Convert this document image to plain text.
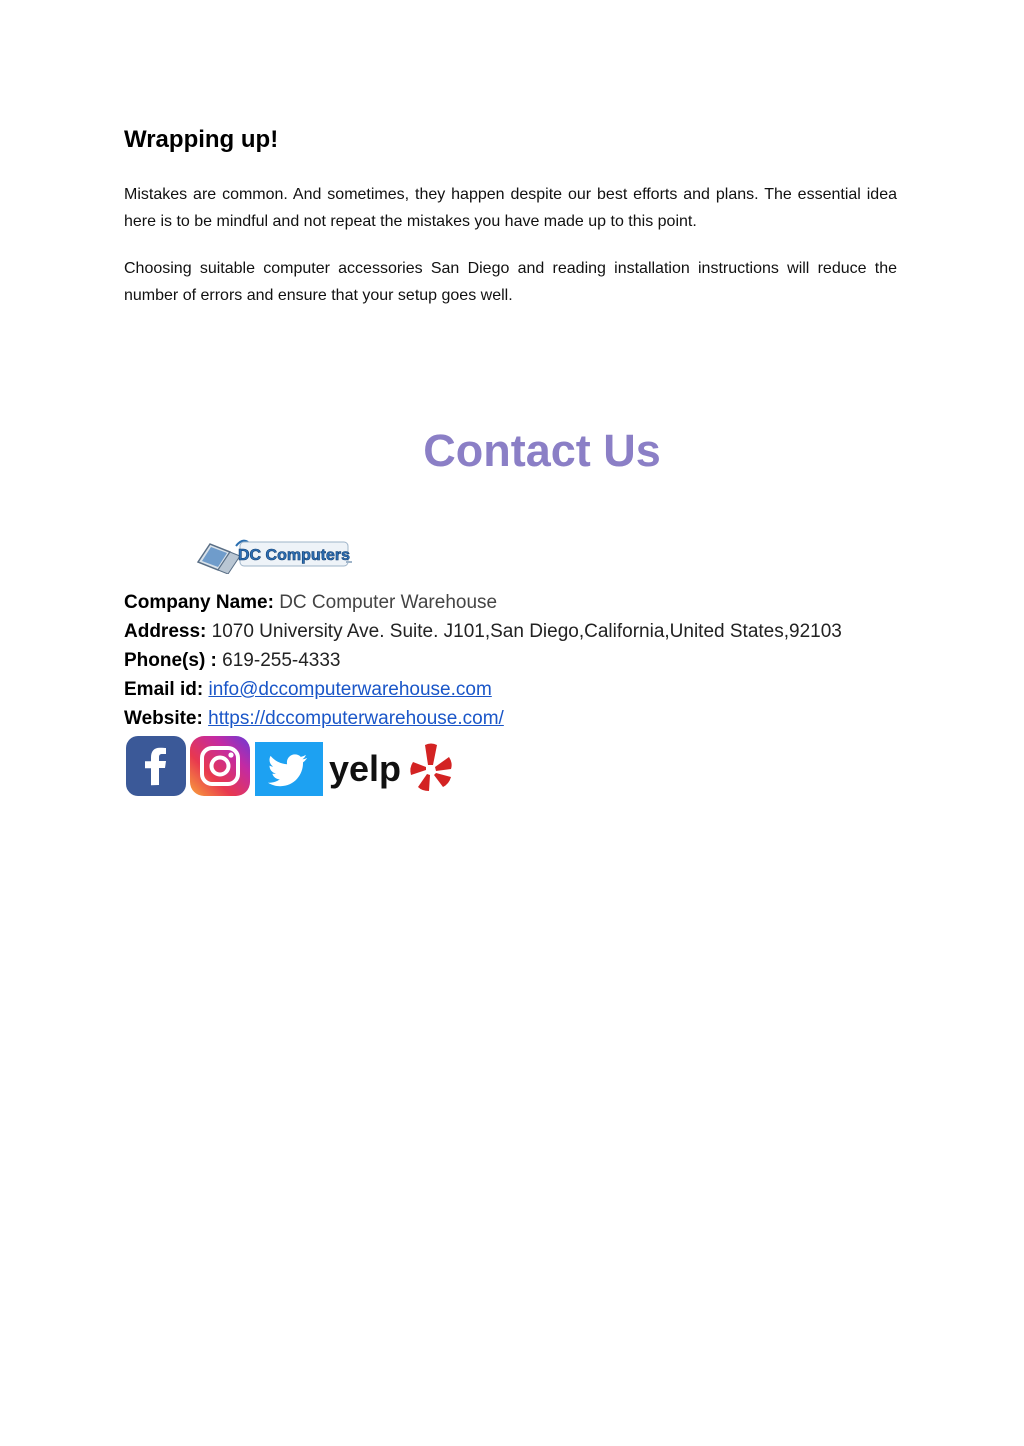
Wrapping up!

Mistakes are common. And sometimes, they happen despite our best efforts and plans. The essential idea here is to be mindful and not repeat the mistakes you have made up to this point.

Choosing suitable computer accessories San Diego and reading installation instructions will reduce the number of errors and ensure that your setup goes well.

Contact Us
DC Computers
Company Name: DC Computer Warehouse
Address: 1070 University Ave. Suite. J101,San Diego,California,United States,92103
Phone(s) : 619-255-4333
Email id: info@dccomputerwarehouse.com
Website: https://dccomputerwarehouse.com/
yelp
